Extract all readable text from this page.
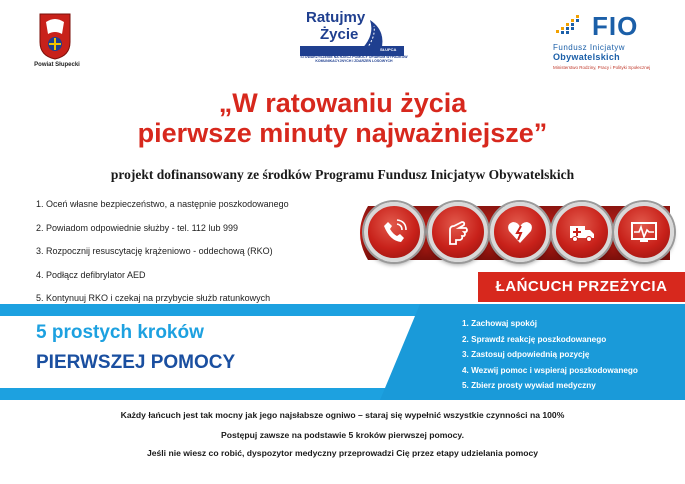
Powiat Słupecki
Ratujmy
Życie
SŁUPCA
STOWARZYSZENIE NA RZECZ POMOCY OFIAROM WYPADKÓW KOMUNIKACYJNYCH I ZDARZEŃ LOSOWYCH
FIO
Fundusz Inicjatyw
Obywatelskich
Ministerstwo Rodziny, Pracy i Polityki Społecznej
„W ratowaniu życia
pierwsze minuty najważniejsze”
projekt dofinansowany ze środków Programu Fundusz Inicjatyw Obywatelskich
1. Oceń własne bezpieczeństwo, a następnie poszkodowanego
2. Powiadom odpowiednie służby - tel. 112 lub 999
3. Rozpocznij resuscytację krążeniowo - oddechową (RKO)
4. Podłącz defibrylator AED
5. Kontynuuj RKO i czekaj na przybycie służb ratunkowych
ŁAŃCUCH PRZEŻYCIA
5 prostych kroków
PIERWSZEJ POMOCY
1. Zachowaj spokój
2. Sprawdź reakcję poszkodowanego
3. Zastosuj odpowiednią pozycję
4. Wezwij pomoc i wspieraj poszkodowanego
5. Zbierz prosty wywiad medyczny
Każdy łańcuch jest tak mocny jak jego najsłabsze ogniwo – staraj się wypełnić wszystkie czynności na 100%
Postępuj zawsze na podstawie 5 kroków pierwszej pomocy.
Jeśli nie wiesz co robić, dyspozytor medyczny przeprowadzi Cię przez etapy udzielania pomocy
